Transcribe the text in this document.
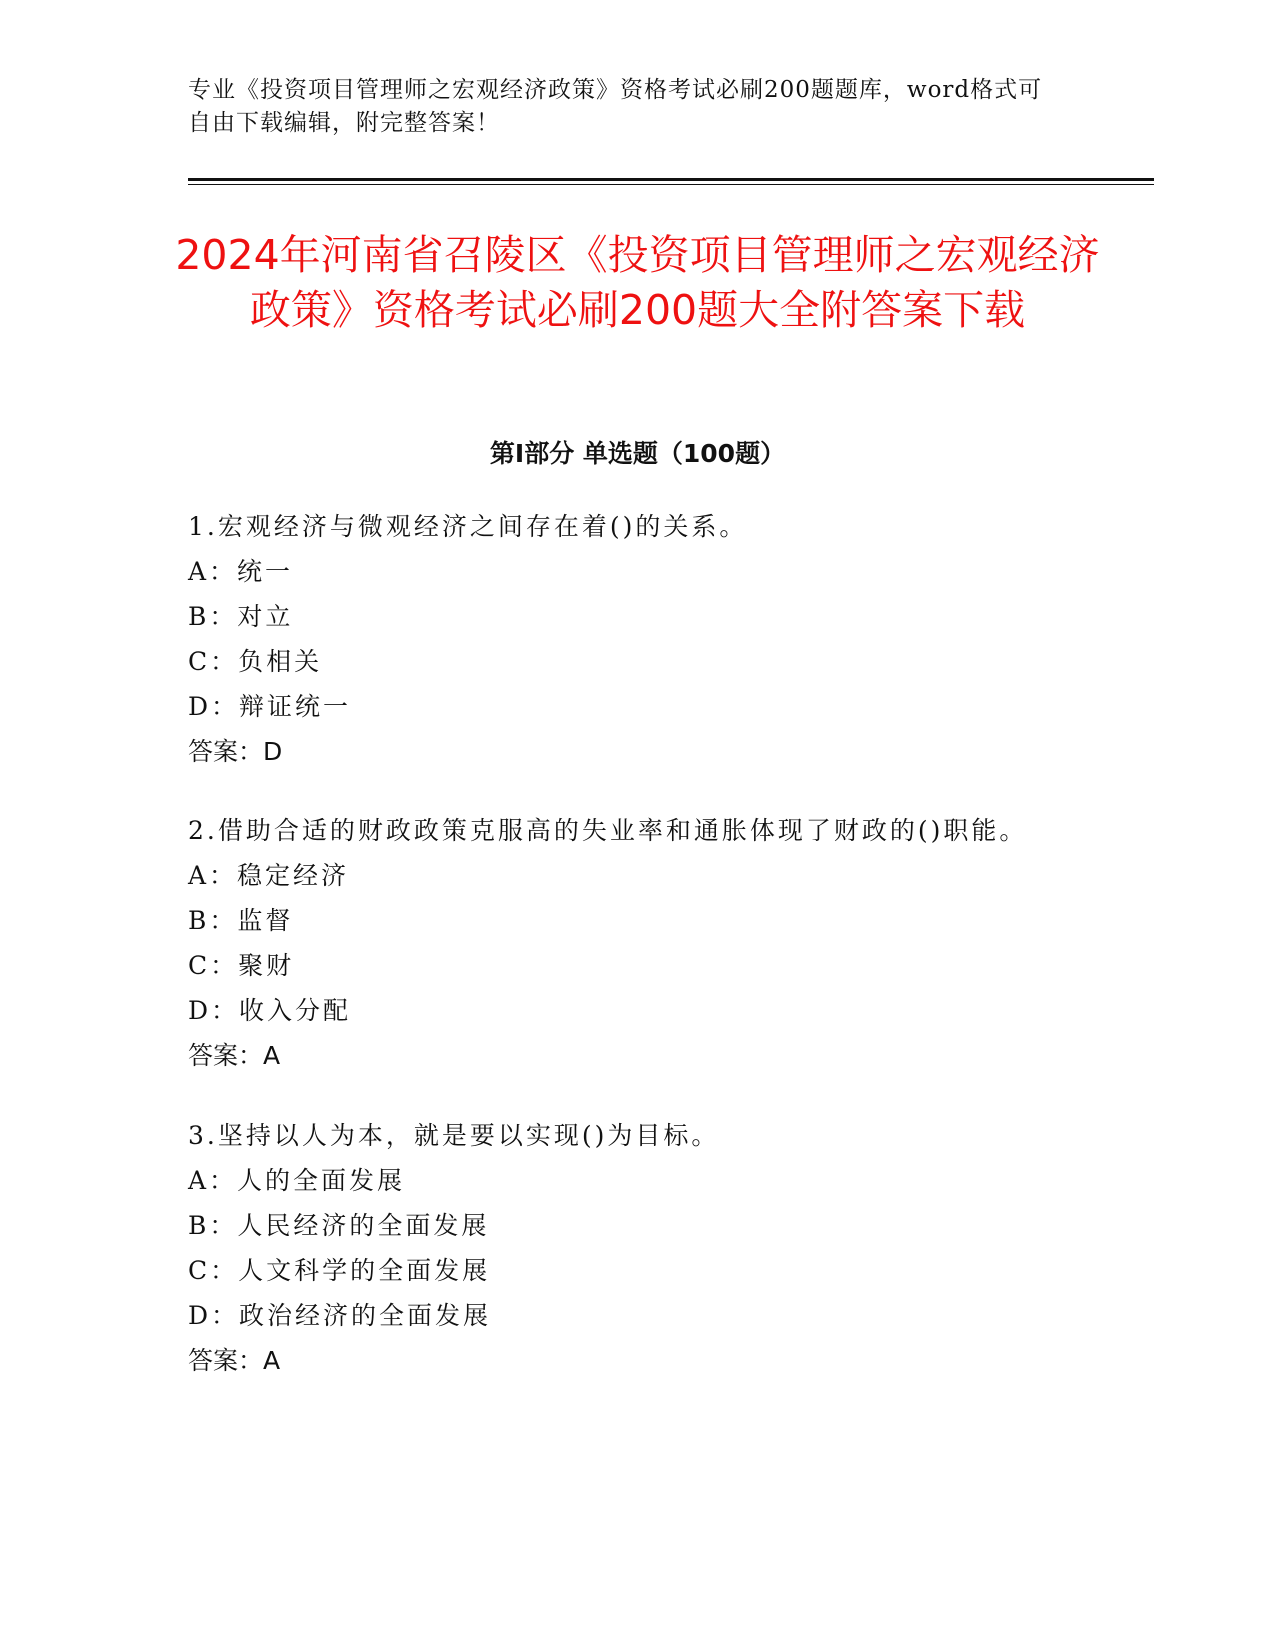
专业《投资项目管理师之宏观经济政策》资格考试必刷200题题库，word格式可
自由下载编辑，附完整答案！
2024年河南省召陵区《投资项目管理师之宏观经济政策》资格考试必刷200题大全附答案下载
第Ⅰ部分 单选题（100题）
1.宏观经济与微观经济之间存在着()的关系。
A：统一
B：对立
C：负相关
D：辩证统一
答案：D
2.借助合适的财政政策克服高的失业率和通胀体现了财政的()职能。
A：稳定经济
B：监督
C：聚财
D：收入分配
答案：A
3.坚持以人为本，就是要以实现()为目标。
A：人的全面发展
B：人民经济的全面发展
C：人文科学的全面发展
D：政治经济的全面发展
答案：A
